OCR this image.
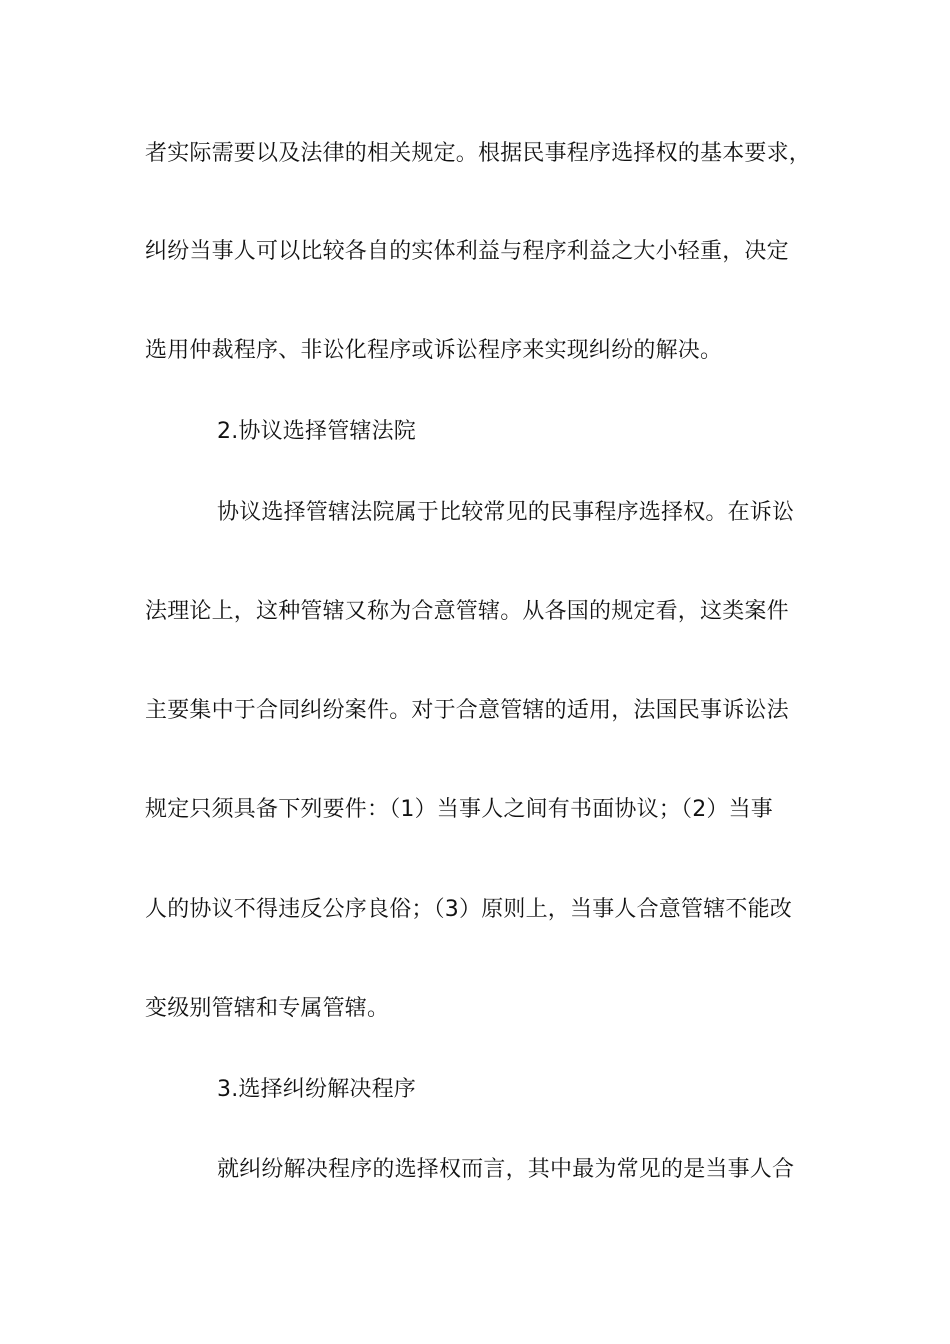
者实际需要以及法律的相关规定。根据民事程序选择权的基本要求，
纠纷当事人可以比较各自的实体利益与程序利益之大小轻重，决定
选用仲裁程序、非讼化程序或诉讼程序来实现纠纷的解决。
2.协议选择管辖法院
协议选择管辖法院属于比较常见的民事程序选择权。在诉讼
法理论上，这种管辖又称为合意管辖。从各国的规定看，这类案件
主要集中于合同纠纷案件。对于合意管辖的适用，法国民事诉讼法
规定只须具备下列要件：（1）当事人之间有书面协议；（2）当事
人的协议不得违反公序良俗；（3）原则上，当事人合意管辖不能改
变级别管辖和专属管辖。
3.选择纠纷解决程序
就纠纷解决程序的选择权而言，其中最为常见的是当事人合
